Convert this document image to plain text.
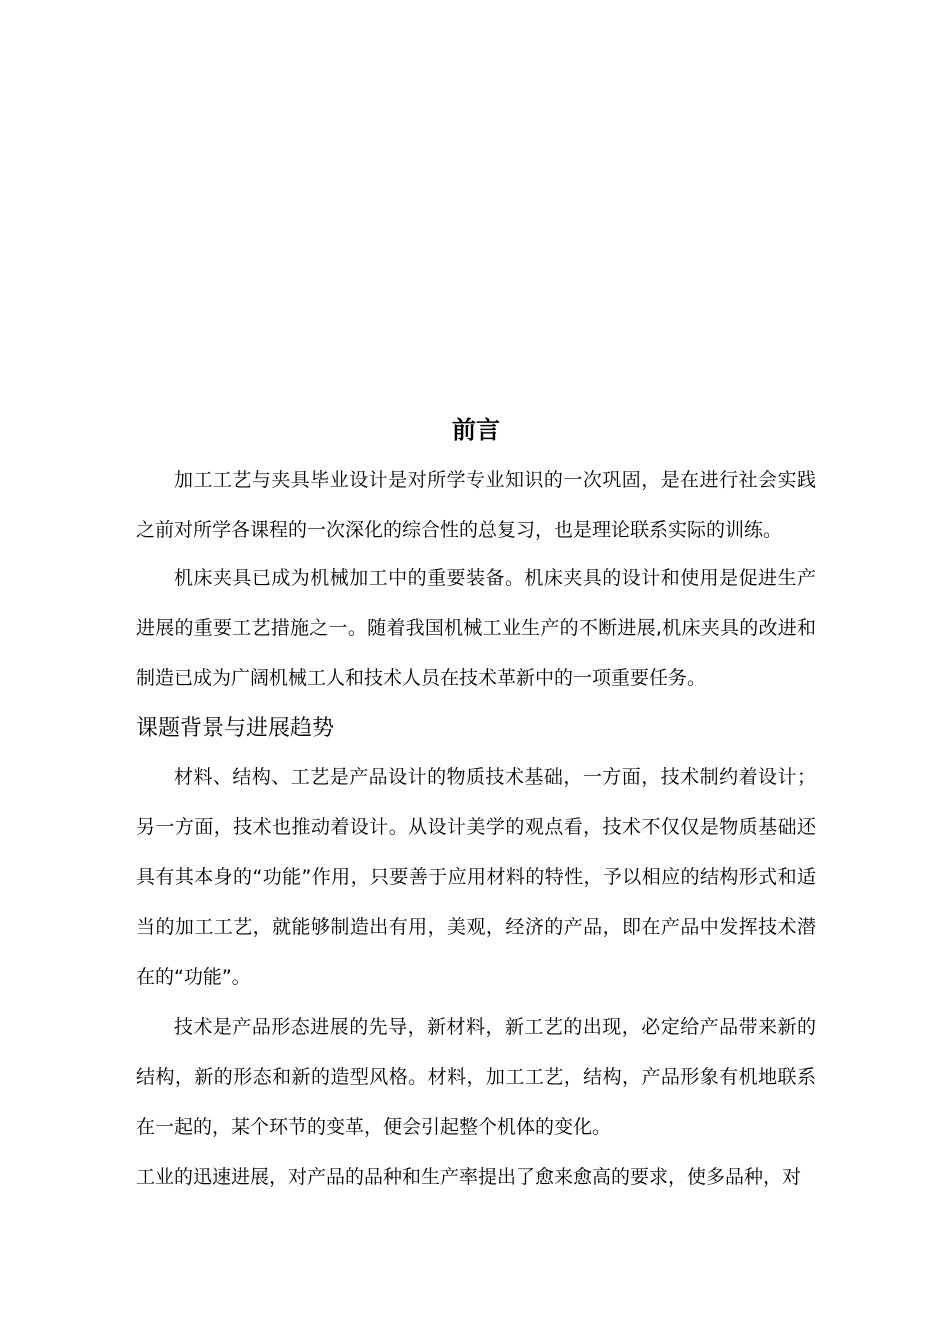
前言

加工工艺与夹具毕业设计是对所学专业知识的一次巩固，是在进行社会实践之前对所学各课程的一次深化的综合性的总复习，也是理论联系实际的训练。

机床夹具已成为机械加工中的重要装备。机床夹具的设计和使用是促进生产进展的重要工艺措施之一。随着我国机械工业生产的不断进展,机床夹具的改进和制造已成为广阔机械工人和技术人员在技术革新中的一项重要任务。

课题背景与进展趋势

材料、结构、工艺是产品设计的物质技术基础，一方面，技术制约着设计；另一方面，技术也推动着设计。从设计美学的观点看，技术不仅仅是物质基础还具有其本身的“功能”作用，只要善于应用材料的特性，予以相应的结构形式和适当的加工工艺，就能够制造出有用，美观，经济的产品，即在产品中发挥技术潜在的“功能”。

技术是产品形态进展的先导，新材料，新工艺的出现，必定给产品带来新的结构，新的形态和新的造型风格。材料，加工工艺，结构，产品形象有机地联系在一起的，某个环节的变革，便会引起整个机体的变化。

工业的迅速进展，对产品的品种和生产率提出了愈来愈高的要求，使多品种，对
